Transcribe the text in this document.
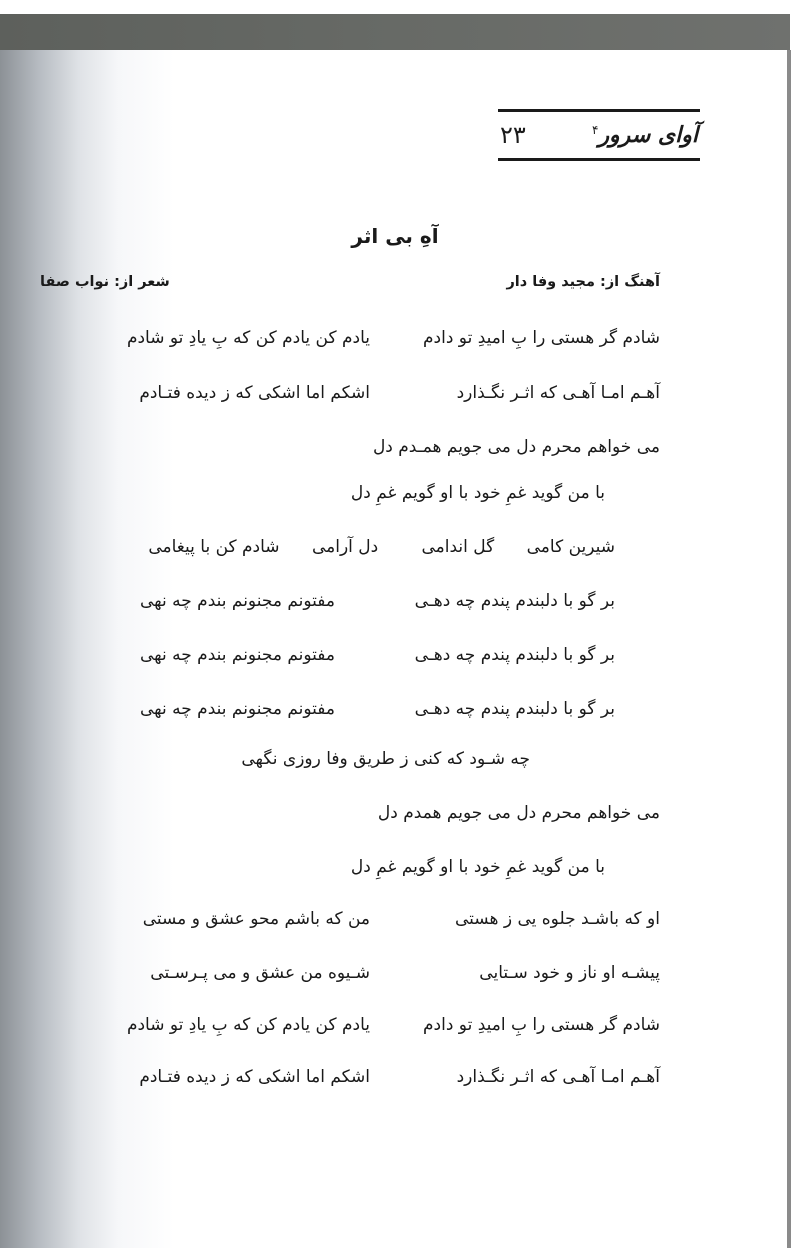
۲۳	آوای سرور$^۴$
آهِ بی اثر
آهنگ از: مجید وفا دار
شعر از: نواب صفا
شادم گر هستی را بِ امیدِ تو دادم
یادم کن یادم کن که بِ یادِ تو شادم
آهـم امـا آهـی که اثـر نگـذارد
اشکم اما اشکی که ز دیده فتـادم
می خواهم محرم دل می جویم همـدم دل
با من گوید غمِ خود با او گویم غمِ دل
شیرین کامی      گل اندامی        دل آرامی      شادم کن با پیغامی
بر گو با دلبندم پندم چه دهـی
مفتونم مجنونم بندم چه نهی
بر گو با دلبندم پندم چه دهـی
مفتونم مجنونم بندم چه نهی
بر گو با دلبندم پندم چه دهـی
مفتونم مجنونم بندم چه نهی
چه شـود که کنی ز طریق وفا روزی نگهی
می خواهم محرم دل می جویم همدم دل
با من گوید غمِ خود با او گویم غمِ دل
او که باشـد جلوه یی ز هستی
من که باشم محو عشق و مستی
پیشـه او ناز و خود سـتایی
شـیوه من عشق و می پـرسـتی
شادم گر هستی را بِ امیدِ تو دادم
یادم کن یادم کن که بِ یادِ تو شادم
آهـم امـا آهـی که اثـر نگـذارد
اشکم اما اشکی که ز دیده فتـادم
